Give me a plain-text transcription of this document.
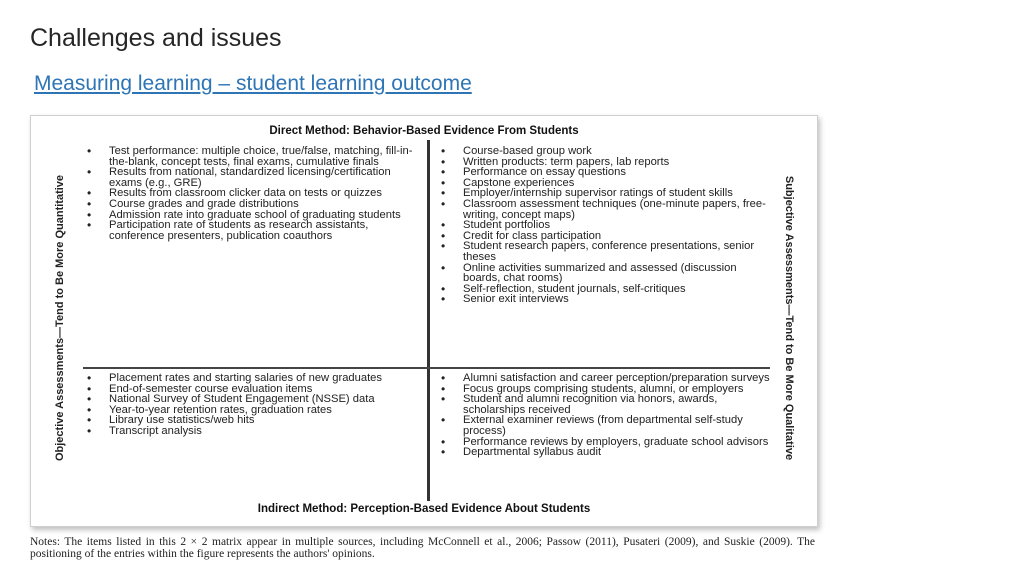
Challenges and issues
Measuring learning – student learning outcome
Direct Method: Behavior-Based Evidence From Students
Objective Assessments—Tend to Be More Quantitative	Subjective Assessments—Tend to Be More Qualitative
• Test performance: multiple choice, true/false, matching, fill-in-the-blank, concept tests, final exams, cumulative finals
• Results from national, standardized licensing/certification exams (e.g., GRE)
• Results from classroom clicker data on tests or quizzes
• Course grades and grade distributions
• Admission rate into graduate school of graduating students
• Participation rate of students as research assistants, conference presenters, publication coauthors
• Course-based group work
• Written products: term papers, lab reports
• Performance on essay questions
• Capstone experiences
• Employer/internship supervisor ratings of student skills
• Classroom assessment techniques (one-minute papers, free-writing, concept maps)
• Student portfolios
• Credit for class participation
• Student research papers, conference presentations, senior theses
• Online activities summarized and assessed (discussion boards, chat rooms)
• Self-reflection, student journals, self-critiques
• Senior exit interviews
• Placement rates and starting salaries of new graduates
• End-of-semester course evaluation items
• National Survey of Student Engagement (NSSE) data
• Year-to-year retention rates, graduation rates
• Library use statistics/web hits
• Transcript analysis
• Alumni satisfaction and career perception/preparation surveys
• Focus groups comprising students, alumni, or employers
• Student and alumni recognition via honors, awards, scholarships received
• External examiner reviews (from departmental self-study process)
• Performance reviews by employers, graduate school advisors
• Departmental syllabus audit
Indirect Method: Perception-Based Evidence About Students
Notes: The items listed in this 2 × 2 matrix appear in multiple sources, including McConnell et al., 2006; Passow (2011), Pusateri (2009), and Suskie (2009). The positioning of the entries within the figure represents the authors' opinions.
